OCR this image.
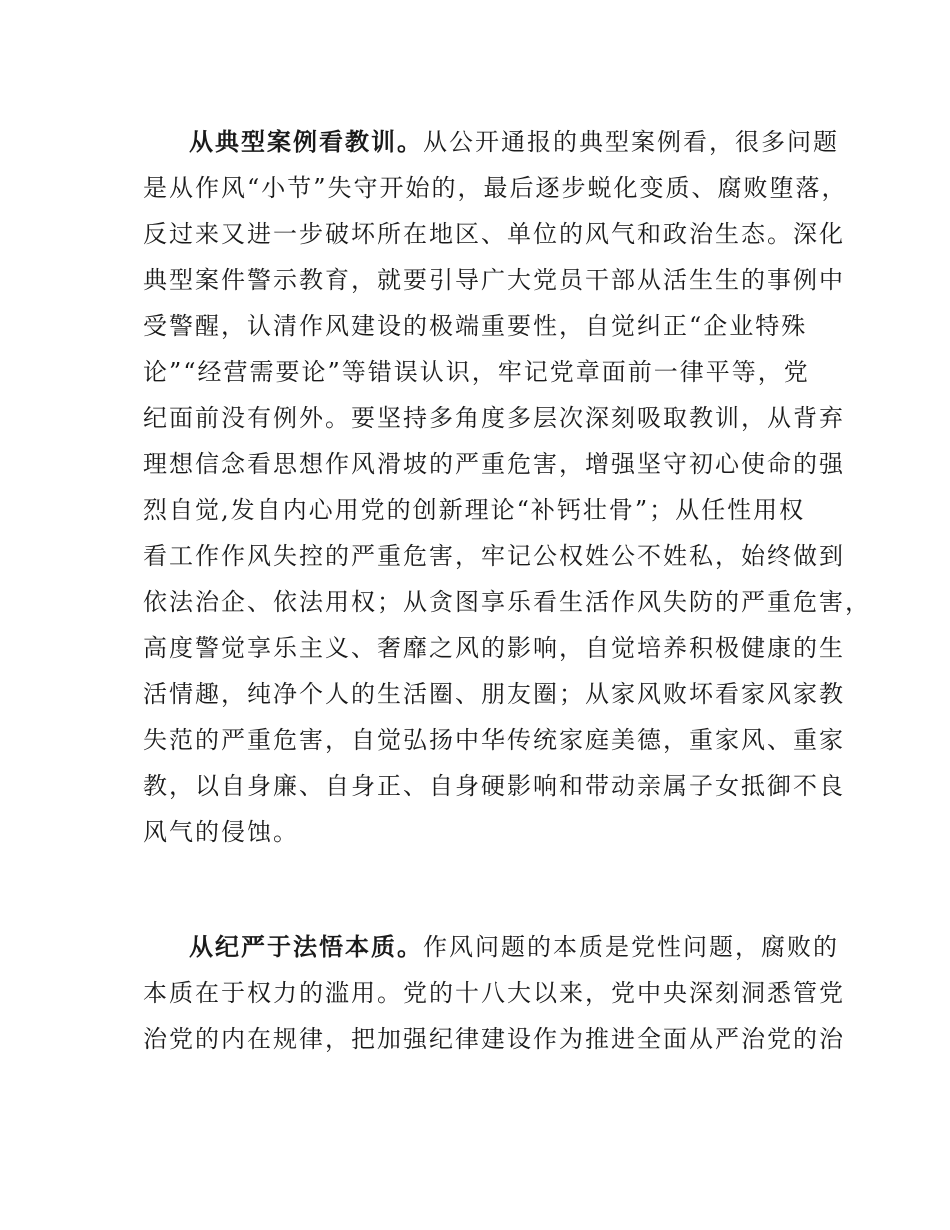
从典型案例看教训。从公开通报的典型案例看，很多问题
是从作风“小节”失守开始的，最后逐步蜕化变质、腐败堕落，
反过来又进一步破坏所在地区、单位的风气和政治生态。深化
典型案件警示教育，就要引导广大党员干部从活生生的事例中
受警醒，认清作风建设的极端重要性，自觉纠正“企业特殊
论”“经营需要论”等错误认识，牢记党章面前一律平等，党
纪面前没有例外。要坚持多角度多层次深刻吸取教训，从背弃
理想信念看思想作风滑坡的严重危害，增强坚守初心使命的强
烈自觉,发自内心用党的创新理论“补钙壮骨”；从任性用权
看工作作风失控的严重危害，牢记公权姓公不姓私，始终做到
依法治企、依法用权；从贪图享乐看生活作风失防的严重危害，
高度警觉享乐主义、奢靡之风的影响，自觉培养积极健康的生
活情趣，纯净个人的生活圈、朋友圈；从家风败坏看家风家教
失范的严重危害，自觉弘扬中华传统家庭美德，重家风、重家
教，以自身廉、自身正、自身硬影响和带动亲属子女抵御不良
风气的侵蚀。
从纪严于法悟本质。作风问题的本质是党性问题，腐败的
本质在于权力的滥用。党的十八大以来，党中央深刻洞悉管党
治党的内在规律，把加强纪律建设作为推进全面从严治党的治
